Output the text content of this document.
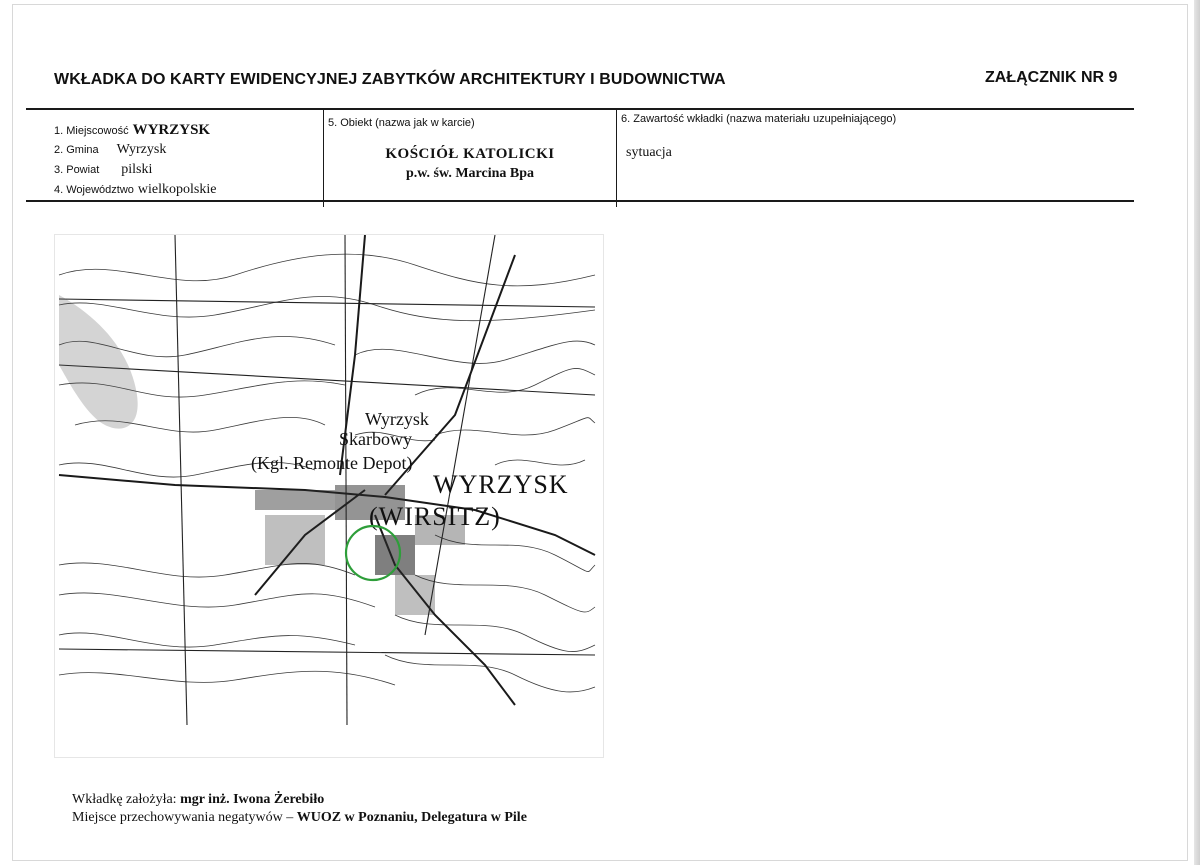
WKŁADKA DO KARTY EWIDENCYJNEJ ZABYTKÓW ARCHITEKTURY I BUDOWNICTWA	ZAŁĄCZNIK NR 9
1. Miejscowość WYRZYSK
2. Gmina Wyrzysk
3. Powiat pilski
4. Województwo wielkopolskie
5. Obiekt (nazwa jak w karcie)
KOŚCIÓŁ KATOLICKI
p.w. św. Marcina Bpa
6. Zawartość wkładki (nazwa materiału uzupełniającego)
sytuacja
Wyrzysk
Skarbowy
(Kgl. Remonte Depot)
WYRZYSK
(WIRSITZ)
Wkładkę założyła: mgr inż. Iwona Żerebiło
Miejsce przechowywania negatywów – WUOZ w Poznaniu, Delegatura w Pile
